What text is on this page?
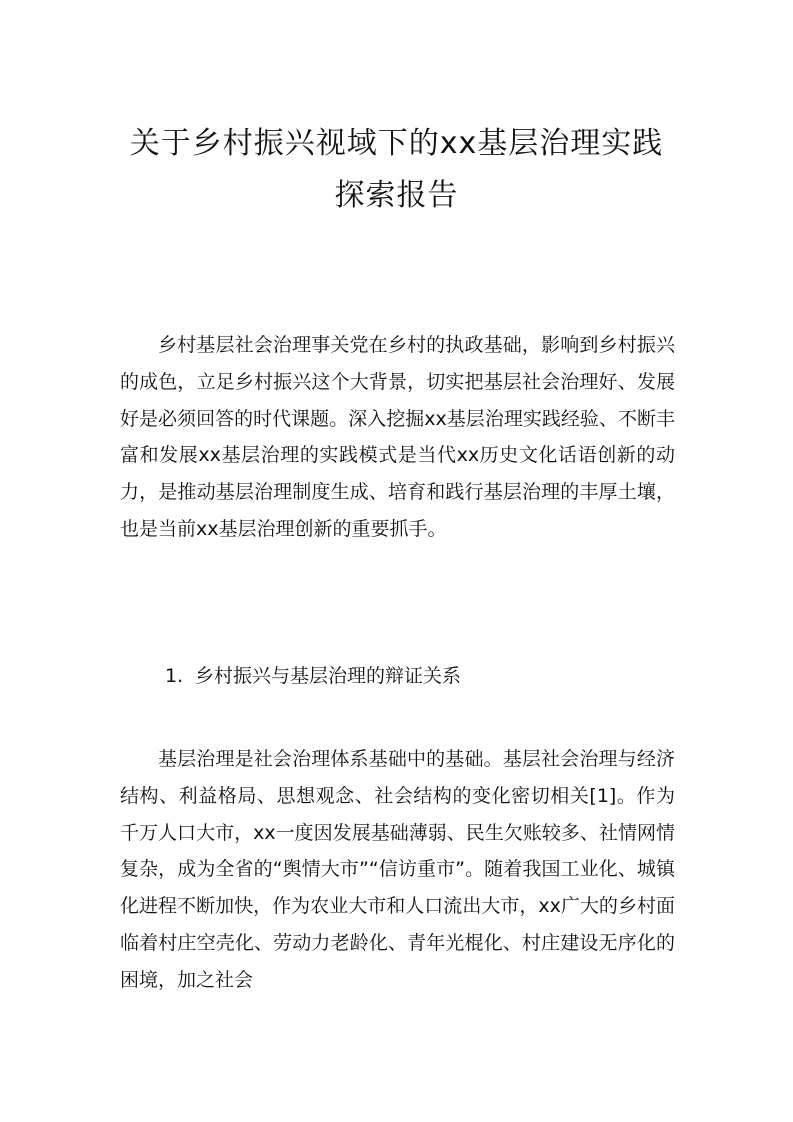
关于乡村振兴视域下的xx基层治理实践探索报告

乡村基层社会治理事关党在乡村的执政基础，影响到乡村振兴的成色，立足乡村振兴这个大背景，切实把基层社会治理好、发展好是必须回答的时代课题。深入挖掘xx基层治理实践经验、不断丰富和发展xx基层治理的实践模式是当代xx历史文化话语创新的动力，是推动基层治理制度生成、培育和践行基层治理的丰厚土壤，也是当前xx基层治理创新的重要抓手。

1. 乡村振兴与基层治理的辩证关系

基层治理是社会治理体系基础中的基础。基层社会治理与经济结构、利益格局、思想观念、社会结构的变化密切相关[1]。作为千万人口大市，xx一度因发展基础薄弱、民生欠账较多、社情网情复杂，成为全省的“舆情大市”“信访重市”。随着我国工业化、城镇化进程不断加快，作为农业大市和人口流出大市，xx广大的乡村面临着村庄空壳化、劳动力老龄化、青年光棍化、村庄建设无序化的困境，加之社会
